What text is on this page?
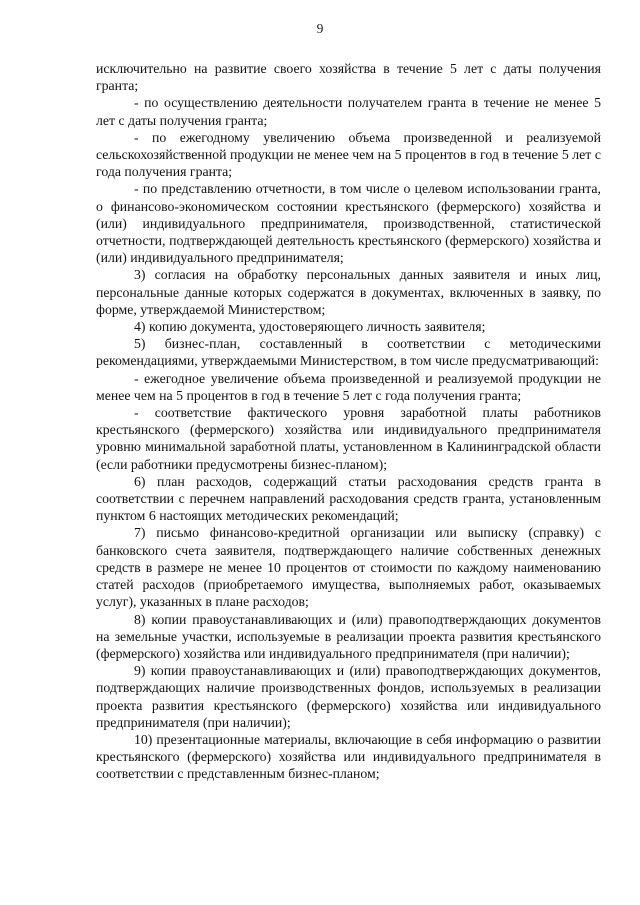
9

исключительно на развитие своего хозяйства в течение 5 лет с даты получения гранта;

- по осуществлению деятельности получателем гранта в течение не менее 5 лет с даты получения гранта;

- по ежегодному увеличению объема произведенной и реализуемой сельскохозяйственной продукции не менее чем на 5 процентов в год в течение 5 лет с года получения гранта;

- по представлению отчетности, в том числе о целевом использовании гранта, о финансово-экономическом состоянии крестьянского (фермерского) хозяйства и (или) индивидуального предпринимателя, производственной, статистической отчетности, подтверждающей деятельность крестьянского (фермерского) хозяйства и (или) индивидуального предпринимателя;

3) согласия на обработку персональных данных заявителя и иных лиц, персональные данные которых содержатся в документах, включенных в заявку, по форме, утверждаемой Министерством;

4) копию документа, удостоверяющего личность заявителя;

5) бизнес-план, составленный в соответствии с методическими рекомендациями, утверждаемыми Министерством, в том числе предусматривающий:

- ежегодное увеличение объема произведенной и реализуемой продукции не менее чем на 5 процентов в год в течение 5 лет с года получения гранта;

- соответствие фактического уровня заработной платы работников крестьянского (фермерского) хозяйства или индивидуального предпринимателя уровню минимальной заработной платы, установленном в Калининградской области (если работники предусмотрены бизнес-планом);

6) план расходов, содержащий статьи расходования средств гранта в соответствии с перечнем направлений расходования средств гранта, установленным пунктом 6 настоящих методических рекомендаций;

7) письмо финансово-кредитной организации или выписку (справку) с банковского счета заявителя, подтверждающего наличие собственных денежных средств в размере не менее 10 процентов от стоимости по каждому наименованию статей расходов (приобретаемого имущества, выполняемых работ, оказываемых услуг), указанных в плане расходов;

8) копии правоустанавливающих и (или) правоподтверждающих документов на земельные участки, используемые в реализации проекта развития крестьянского (фермерского) хозяйства или индивидуального предпринимателя (при наличии);

9) копии правоустанавливающих и (или) правоподтверждающих документов, подтверждающих наличие производственных фондов, используемых в реализации проекта развития крестьянского (фермерского) хозяйства или индивидуального предпринимателя (при наличии);

10) презентационные материалы, включающие в себя информацию о развитии крестьянского (фермерского) хозяйства или индивидуального предпринимателя в соответствии с представленным бизнес-планом;
